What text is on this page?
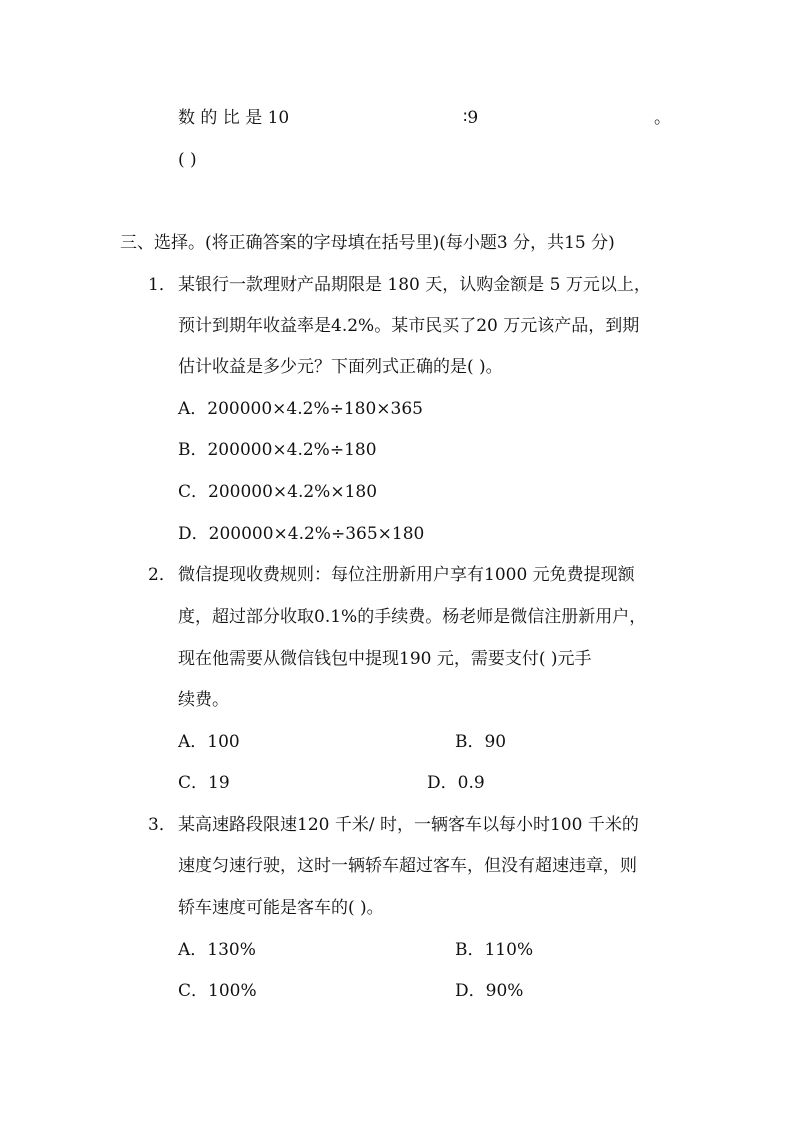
数 的 比 是 10	∶9	。
( )
三、选择。(将正确答案的字母填在括号里)(每小题3 分，共15 分)
1． 某银行一款理财产品期限是 180 天，认购金额是 5 万元以上，
预计到期年收益率是4.2%。某市民买了20 万元该产品，到期
估计收益是多少元？下面列式正确的是( )。
A．200000×4.2%÷180×365
B．200000×4.2%÷180
C．200000×4.2%×180
D．200000×4.2%÷365×180
2． 微信提现收费规则：每位注册新用户享有1000 元免费提现额
度，超过部分收取0.1%的手续费。杨老师是微信注册新用户，
现在他需要从微信钱包中提现190 元，需要支付( )元手
续费。
A．100	B．90
C．19	D．0.9
3． 某高速路段限速120 千米/ 时，一辆客车以每小时100 千米的
速度匀速行驶，这时一辆轿车超过客车，但没有超速违章，则
轿车速度可能是客车的( )。
A．130%	B．110%
C．100%	D．90%
